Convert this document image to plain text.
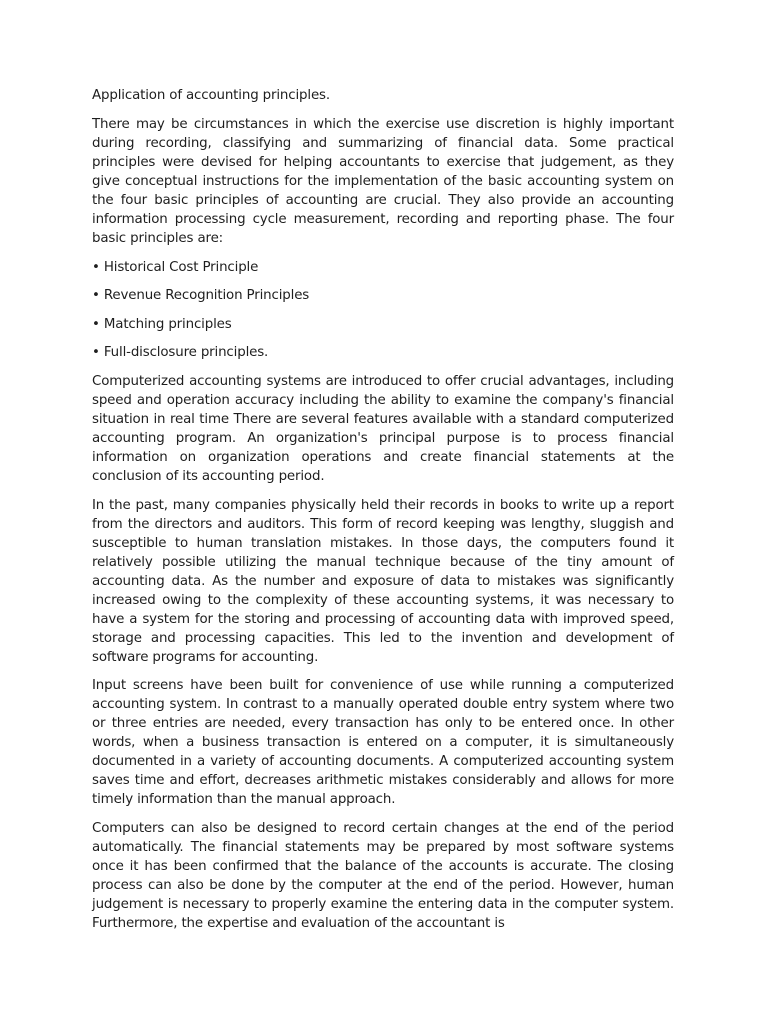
Application of accounting principles.

There may be circumstances in which the exercise use discretion is highly important during recording, classifying and summarizing of financial data. Some practical principles were devised for helping accountants to exercise that judgement, as they give conceptual instructions for the implementation of the basic accounting system on the four basic principles of accounting are crucial. They also provide an accounting information processing cycle measurement, recording and reporting phase. The four basic principles are:

• Historical Cost Principle

• Revenue Recognition Principles

• Matching principles

• Full-disclosure principles.

Computerized accounting systems are introduced to offer crucial advantages, including speed and operation accuracy including the ability to examine the company's financial situation in real time There are several features available with a standard computerized accounting program. An organization's principal purpose is to process financial information on organization operations and create financial statements at the conclusion of its accounting period.

In the past, many companies physically held their records in books to write up a report from the directors and auditors. This form of record keeping was lengthy, sluggish and susceptible to human translation mistakes. In those days, the computers found it relatively possible utilizing the manual technique because of the tiny amount of accounting data. As the number and exposure of data to mistakes was significantly increased owing to the complexity of these accounting systems, it was necessary to have a system for the storing and processing of accounting data with improved speed, storage and processing capacities. This led to the invention and development of software programs for accounting.

Input screens have been built for convenience of use while running a computerized accounting system. In contrast to a manually operated double entry system where two or three entries are needed, every transaction has only to be entered once. In other words, when a business transaction is entered on a computer, it is simultaneously documented in a variety of accounting documents. A computerized accounting system saves time and effort, decreases arithmetic mistakes considerably and allows for more timely information than the manual approach.

Computers can also be designed to record certain changes at the end of the period automatically. The financial statements may be prepared by most software systems once it has been confirmed that the balance of the accounts is accurate. The closing process can also be done by the computer at the end of the period. However, human judgement is necessary to properly examine the entering data in the computer system. Furthermore, the expertise and evaluation of the accountant is
